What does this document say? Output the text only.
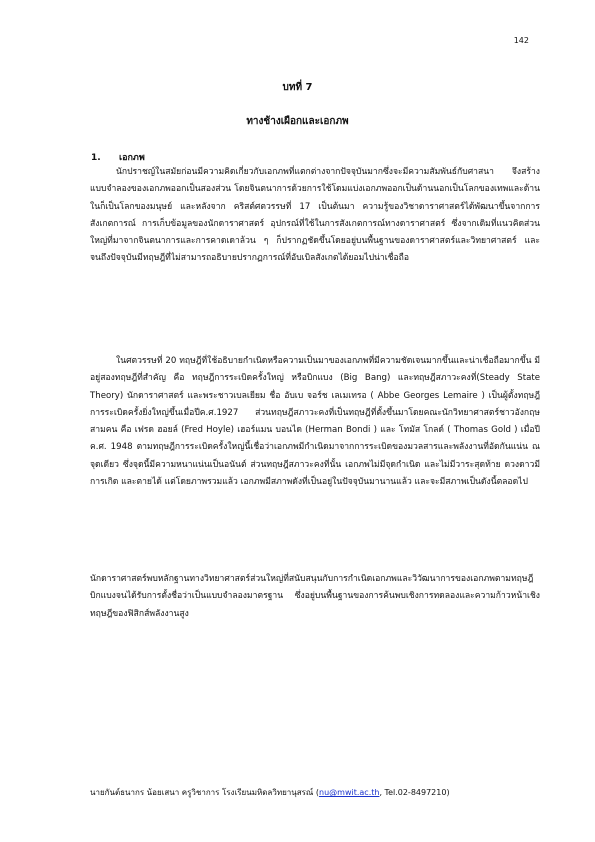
142
บทที่ 7
ทางช้างเผือกและเอกภพ
1. เอกภพ

นักปราชญ์ในสมัยก่อนมีความคิดเกี่ยวกับเอกภพที่แตกต่างจากปัจจุบันมากซึ่งจะมีความสัมพันธ์กับศาสนา จึงสร้างแบบจำลองของเอกภพออกเป็นสองส่วน โดยจินตนาการด้วยการใช้โดมแบ่งเอกภพออกเป็นด้านนอกเป็นโลกของเทพและด้านในก็เป็นโลกของมนุษย์ และหลังจาก คริสต์ศตวรรษที่ 17 เป็นต้นมา ความรู้ของวิชาดาราศาสตร์ได้พัฒนาขึ้นจากการสังเกตการณ์ การเก็บข้อมูลของนักดาราศาสตร์ อุปกรณ์ที่ใช้ในการสังเกตการณ์ทางดาราศาสตร์ ซึ่งจากเดิมที่แนวคิดส่วนใหญ่ที่มาจากจินตนาการและการคาดเดาล้วน ๆ ก็ปรากฏชัดขึ้นโดยอยู่บนพื้นฐานของดาราศาสตร์และวิทยาศาสตร์ และจนถึงปัจจุบันมีทฤษฎีที่ไม่สามารถอธิบายปรากฏการณ์ที่อับเบิลสังเกตได้ยอมไปน่าเชื่อถือ

ในศตวรรษที่ 20 ทฤษฎีที่ใช้อธิบายกำเนิดหรือความเป็นมาของเอกภพที่มีความชัดเจนมากขึ้นและน่าเชื่อถือมากขึ้น มีอยู่สองทฤษฎีที่สำคัญ คือ ทฤษฎีการระเบิดครั้งใหญ่ หรือบิกแบง (Big Bang) และทฤษฎีสภาวะคงที่(Steady State Theory) นักดาราศาสตร์ และพระชาวเบลเยียม ชื่อ อับเบ จอร์ช เลเมเทรอ ( Abbe Georges Lemaire ) เป็นผู้ตั้งทฤษฎีการระเบิดครั้งยิ่งใหญ่ขึ้นเมื่อปีค.ศ.1927 ส่วนทฤษฎีสภาวะคงที่เป็นทฤษฎีที่ตั้งขึ้นมาโดยคณะนักวิทยาศาสตร์ชาวอังกฤษสามคน คือ เฟรด ฮอยล์ (Fred Hoyle) เฮอร์แมน บอนได (Herman Bondi ) และ โทมัส โกลด์ ( Thomas Gold ) เมื่อปี ค.ศ. 1948 ตามทฤษฎีการระเบิดครั้งใหญ่นี้เชื่อว่าเอกภพมีกำเนิดมาจากการระเบิดของมวลสารและพลังงานที่อัดกันแน่น ณ จุดเดียว ซึ่งจุดนี้มีความหนาแน่นเป็นอนันต์ ส่วนทฤษฎีสภาวะคงที่นั้น เอกภพไม่มีจุดกำเนิด และไม่มีวาระสุดท้าย ดวงดาวมีการเกิด และตายได้ แต่โดยภาพรวมแล้ว เอกภพมีสภาพดังที่เป็นอยู่ในปัจจุบันมานานแล้ว และจะมีสภาพเป็นดังนี้ตลอดไป

นักดาราศาสตร์พบหลักฐานทางวิทยาศาสตร์ส่วนใหญ่ที่สนับสนุนกับการกำเนิดเอกภพและวิวัฒนาการของเอกภพตามทฤษฎีบิกแบงจนได้รับการตั้งชื่อว่าเป็นแบบจำลองมาตรฐาน ซึ่งอยู่บนพื้นฐานของการค้นพบเชิงการทดลองและความก้าวหน้าเชิงทฤษฎีของฟิสิกส์พลังงานสูง

นายกันต์ธนากร น้อยเสนา ครูวิชาการ โรงเรียนมหิดลวิทยานุสรณ์ (nu@mwit.ac.th, Tel.02-8497210)
